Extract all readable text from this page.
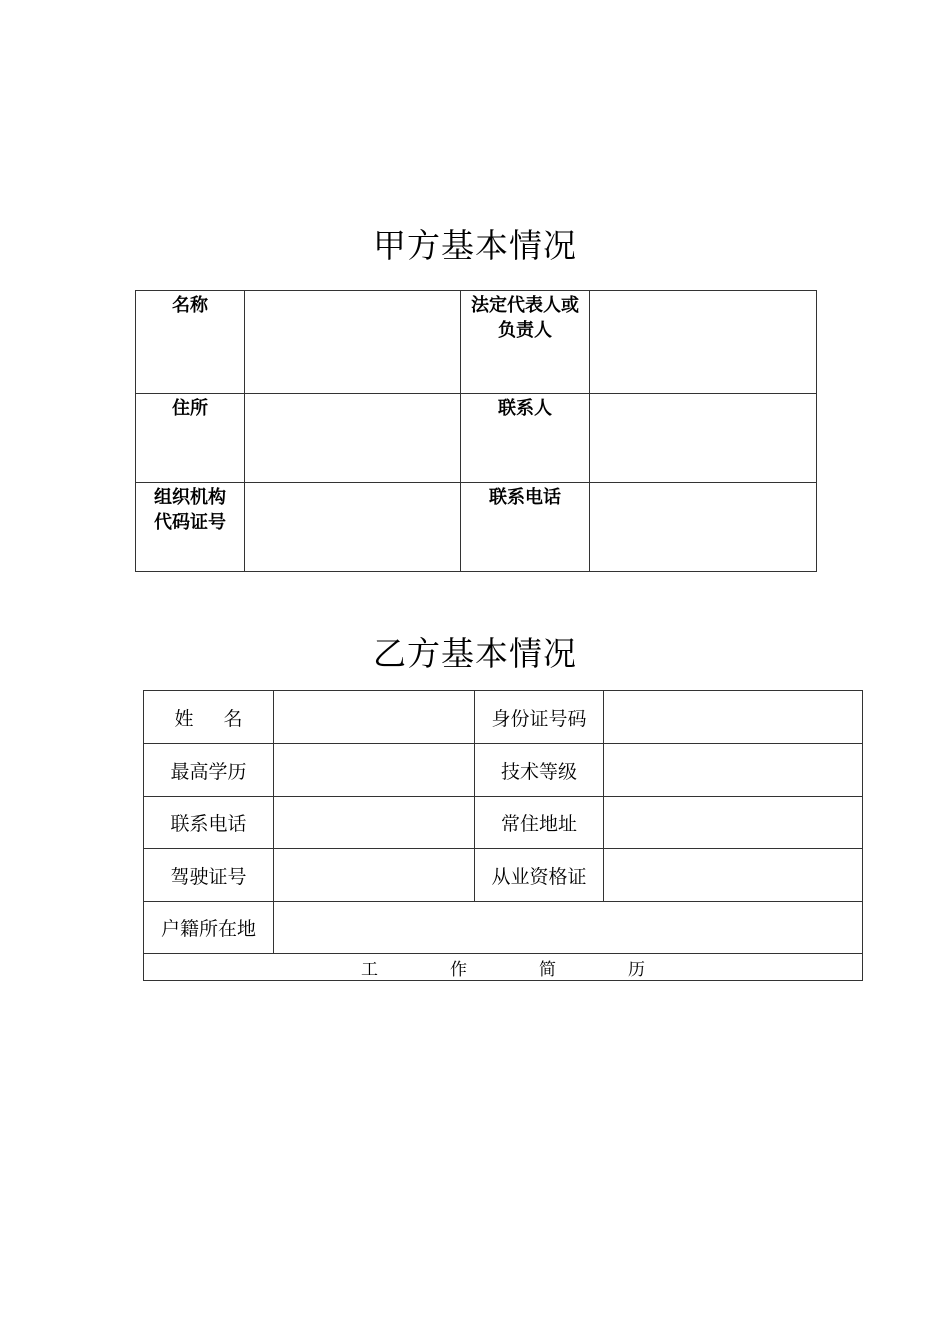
甲方基本情况
名称		法定代表人或负责人	

住所		联系人	

组织机构代码证号		联系电话	
乙方基本情况
姓名		身份证号码	
最高学历		技术等级	
联系电话		常住地址	
驾驶证号		从业资格证	
户籍所在地			
工作简历			
